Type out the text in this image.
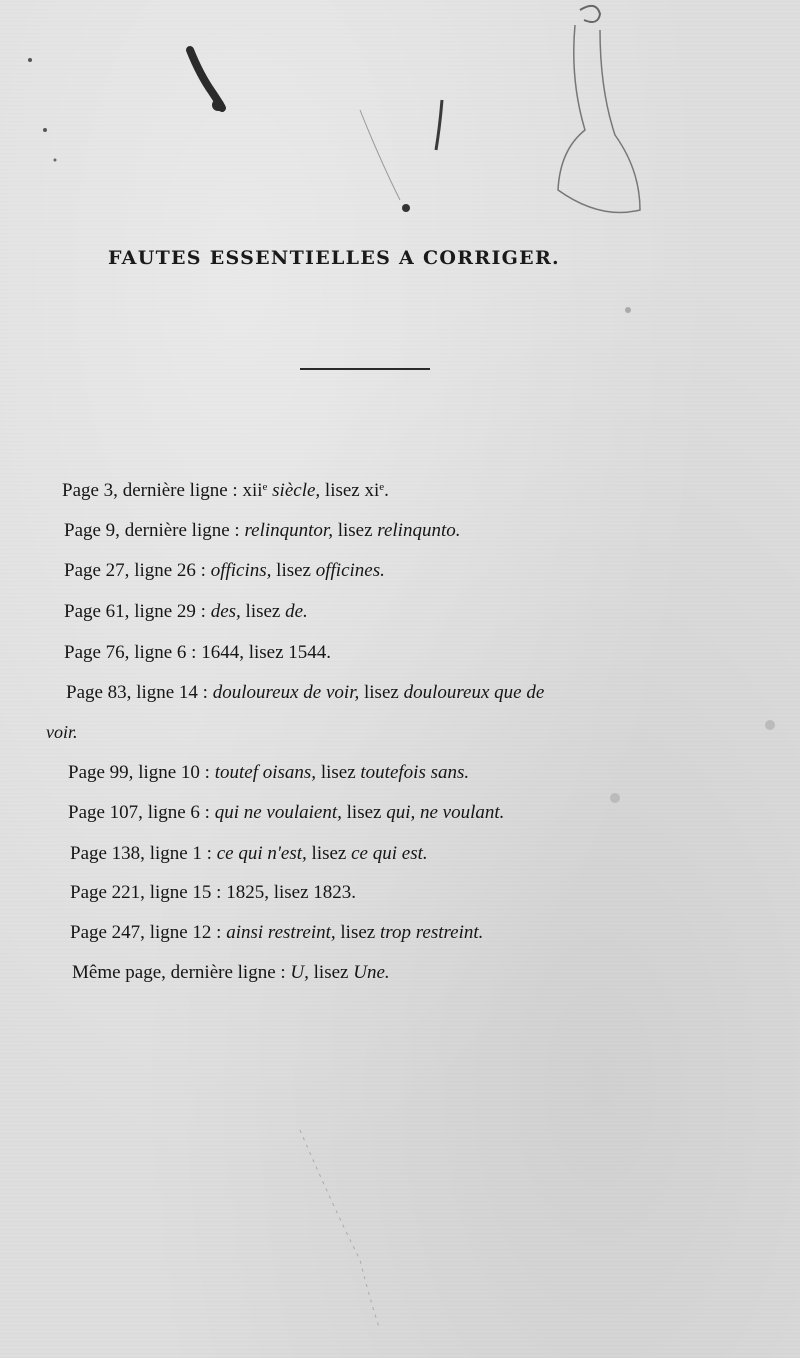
FAUTES ESSENTIELLES A CORRIGER.
Page 3, dernière ligne : xii$^e$ siècle, lisez $xi^e$.
Page 9, dernière ligne : relinquntor, lisez relinqunto.
Page 27, ligne 26 : officins, lisez officines.
Page 61, ligne 29 : des, lisez de.
Page 76, ligne 6 : 1644, lisez 1544.
Page 83, ligne 14 : douloureux de voir, lisez douloureux que de
voir.
Page 99, ligne 10 : toutef oisans, lisez toutefois sans.
Page 107, ligne 6 : qui ne voulaient, lisez qui, ne voulant.
Page 138, ligne 1 : ce qui n'est, lisez ce qui est.
Page 221, ligne 15 : 1825, lisez 1823.
Page 247, ligne 12 : ainsi restreint, lisez trop restreint.
Même page, dernière ligne : U, lisez Une.
